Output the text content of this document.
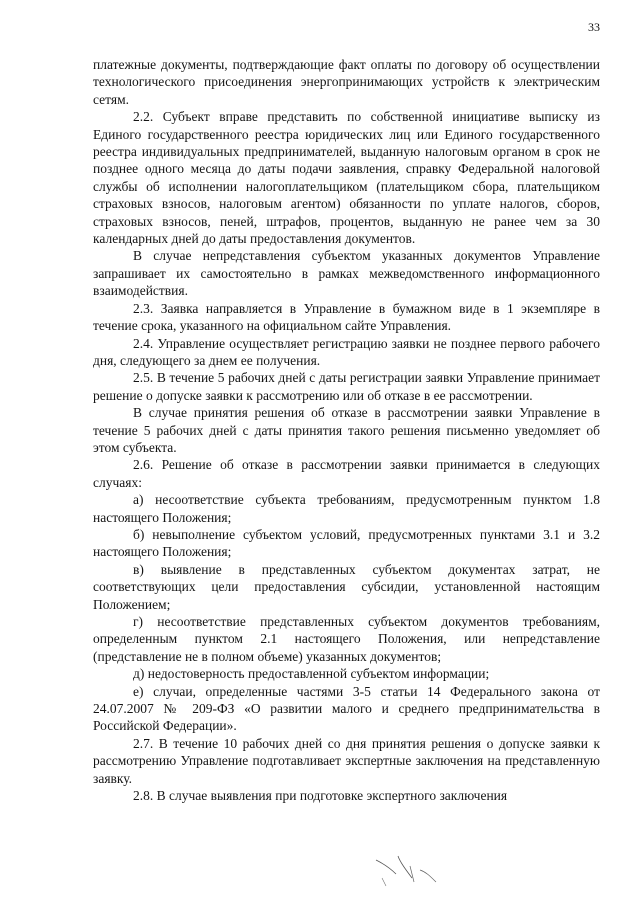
33

платежные документы, подтверждающие факт оплаты по договору об осуществлении технологического присоединения энергопринимающих устройств к электрическим сетям.

2.2. Субъект вправе представить по собственной инициативе выписку из Единого государственного реестра юридических лиц или Единого государственного реестра индивидуальных предпринимателей, выданную налоговым органом в срок не позднее одного месяца до даты подачи заявления, справку Федеральной налоговой службы об исполнении налогоплательщиком (плательщиком сбора, плательщиком страховых взносов, налоговым агентом) обязанности по уплате налогов, сборов, страховых взносов, пеней, штрафов, процентов, выданную не ранее чем за 30 календарных дней до даты предоставления документов.

В случае непредставления субъектом указанных документов Управление запрашивает их самостоятельно в рамках межведомственного информационного взаимодействия.

2.3. Заявка направляется в Управление в бумажном виде в 1 экземпляре в течение срока, указанного на официальном сайте Управления.

2.4. Управление осуществляет регистрацию заявки не позднее первого рабочего дня, следующего за днем ее получения.

2.5. В течение 5 рабочих дней с даты регистрации заявки Управление принимает решение о допуске заявки к рассмотрению или об отказе в ее рассмотрении.

В случае принятия решения об отказе в рассмотрении заявки Управление в течение 5 рабочих дней с даты принятия такого решения письменно уведомляет об этом субъекта.

2.6. Решение об отказе в рассмотрении заявки принимается в следующих случаях:

а) несоответствие субъекта требованиям, предусмотренным пунктом 1.8 настоящего Положения;

б) невыполнение субъектом условий, предусмотренных пунктами 3.1 и 3.2 настоящего Положения;

в) выявление в представленных субъектом документах затрат, не соответствующих цели предоставления субсидии, установленной настоящим Положением;

г) несоответствие представленных субъектом документов требованиям, определенным пунктом 2.1 настоящего Положения, или непредставление (представление не в полном объеме) указанных документов;

д) недостоверность предоставленной субъектом информации;

е) случаи, определенные частями 3-5 статьи 14 Федерального закона от 24.07.2007 № 209-ФЗ «О развитии малого и среднего предпринимательства в Российской Федерации».

2.7. В течение 10 рабочих дней со дня принятия решения о допуске заявки к рассмотрению Управление подготавливает экспертные заключения на представленную заявку.

2.8. В случае выявления при подготовке экспертного заключения
